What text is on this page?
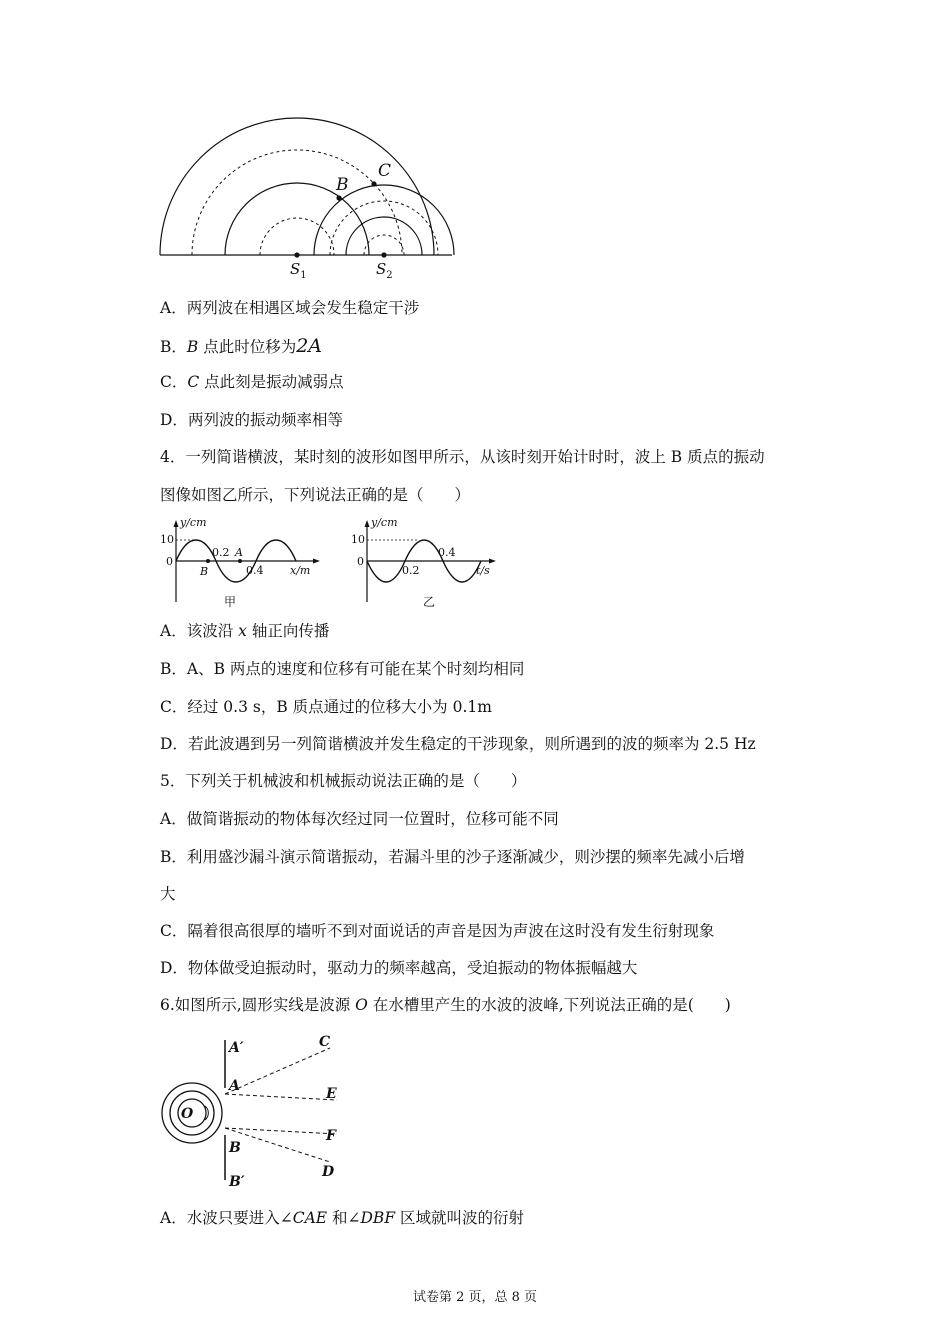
B
C
$S_1$	$S_2$
A．两列波在相遇区域会发生稳定干涉
B．B 点此时位移为2A
C．C 点此刻是振动减弱点
D．两列波的振动频率相等
4．一列简谐横波，某时刻的波形如图甲所示，从该时刻开始计时时，波上 B 质点的振动
图像如图乙所示，下列说法正确的是（　　）
y/cm
10
0
0.2 A
B	0.4 x/m
甲
y/cm
10
0
0.2
0.4
t/s
乙
A．该波沿 x 轴正向传播
B．A、B 两点的速度和位移有可能在某个时刻均相同
C．经过 0.3 s，B 质点通过的位移大小为 0.1m
D．若此波遇到另一列简谐横波并发生稳定的干涉现象，则所遇到的波的频率为 2.5 Hz
5．下列关于机械波和机械振动说法正确的是（　　）
A．做简谐振动的物体每次经过同一位置时，位移可能不同
B．利用盛沙漏斗演示简谐振动，若漏斗里的沙子逐渐减少，则沙摆的频率先减小后增
大
C．隔着很高很厚的墙听不到对面说话的声音是因为声波在这时没有发生衍射现象
D．物体做受迫振动时，驱动力的频率越高，受迫振动的物体振幅越大
6.如图所示,圆形实线是波源 O 在水槽里产生的水波的波峰,下列说法正确的是(　　)
A′
A
B
B′
C
E
F
D
O
A．水波只要进入∠CAE 和∠DBF 区域就叫波的衍射
试卷第 2 页，总 8 页
